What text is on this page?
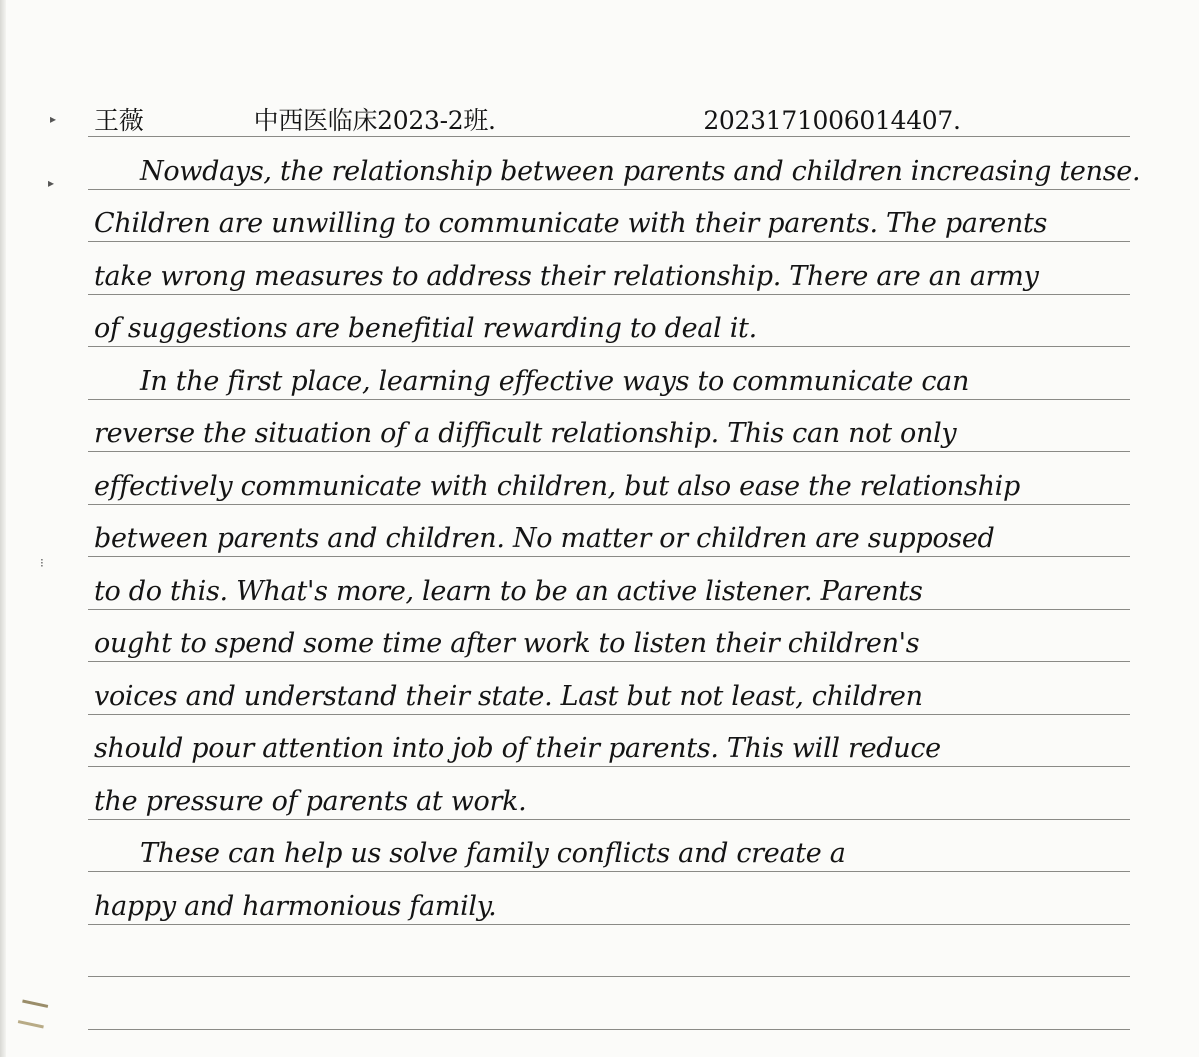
▸
▸
⁝
王薇	中西医临床2023-2班.	2023171006014407.
Nowdays, the relationship between parents and children increasing tense.
Children are unwilling to communicate with their parents. The parents
take wrong measures to address their relationship. There are an army
of suggestions are benefitial rewarding to deal it.
In the first place, learning effective ways to communicate can
reverse the situation of a difficult relationship. This can not only
effectively communicate with children, but also ease the relationship
between parents and children. No matter or children are supposed
to do this. What's more, learn to be an active listener. Parents
ought to spend some time after work to listen their children's
voices and understand their state. Last but not least, children
should pour attention into job of their parents. This will reduce
the pressure of parents at work.
These can help us solve family conflicts and create a
happy and harmonious family.
